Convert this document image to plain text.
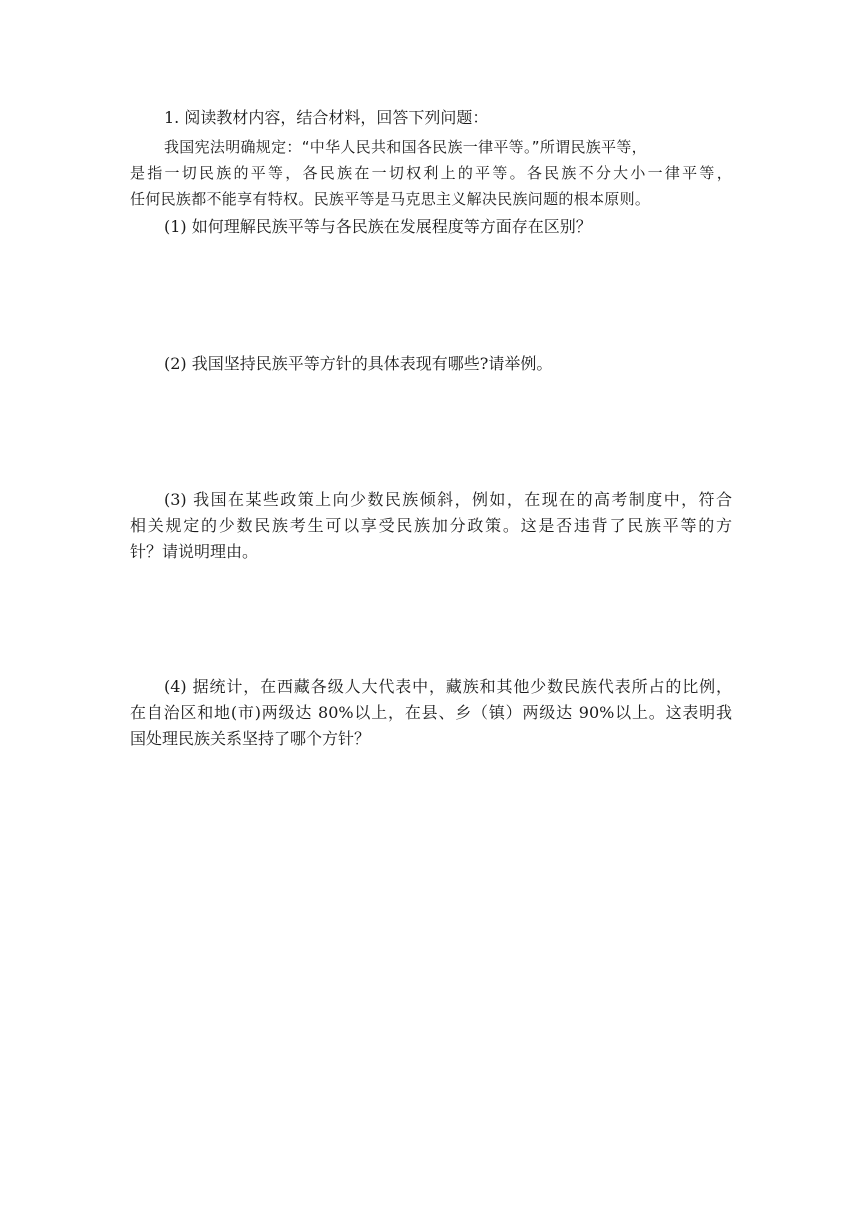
1. 阅读教材内容，结合材料，回答下列问题：
我国宪法明确规定：“中华人民共和国各民族一律平等。”所谓民族平等，
是指一切民族的平等，各民族在一切权利上的平等。各民族不分大小一律平等，
任何民族都不能享有特权。民族平等是马克思主义解决民族问题的根本原则。
(1) 如何理解民族平等与各民族在发展程度等方面存在区别？
(2) 我国坚持民族平等方针的具体表现有哪些?请举例。
(3) 我国在某些政策上向少数民族倾斜，例如，在现在的高考制度中，符合
相关规定的少数民族考生可以享受民族加分政策。这是否违背了民族平等的方
针？请说明理由。
(4) 据统计，在西藏各级人大代表中，藏族和其他少数民族代表所占的比例，
在自治区和地(市)两级达 80%以上，在县、乡（镇）两级达 90%以上。这表明我
国处理民族关系坚持了哪个方针？
